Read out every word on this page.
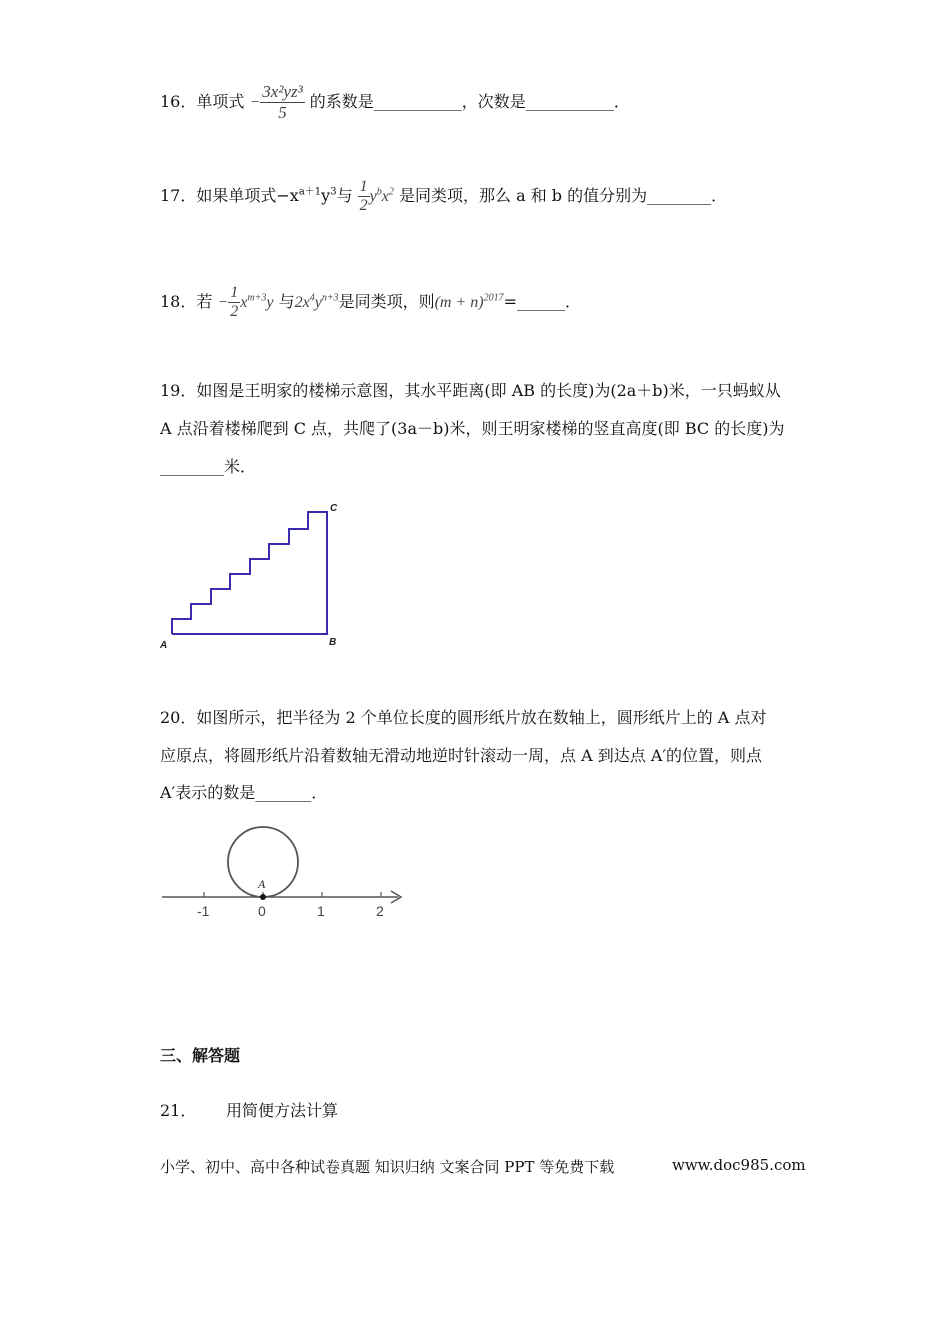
16．单项式 − $\frac{\text{3x²yz³}}{5}$ 的系数是___________，次数是___________．
17．如果单项式$-x^{a+1}y^3$与 $\frac{1}{2} y^bx^2$ 是同类项，那么 a 和 b 的值分别为________．
18．若 − $\frac{1}{2} x^{m+3}y$ 与$2x^4y^{n+3}$是同类项，则$(m + n)^{2017}=\_\_\_\_\_\_$．
19．如图是王明家的楼梯示意图，其水平距离(即 AB 的长度)为(2a＋b)米，一只蚂蚁从
A 点沿着楼梯爬到 C 点，共爬了(3a－b)米，则王明家楼梯的竖直高度(即 BC 的长度)为
________米．
A	B
C
20．如图所示，把半径为 2 个单位长度的圆形纸片放在数轴上，圆形纸片上的 A 点对
应原点，将圆形纸片沿着数轴无滑动地逆时针滚动一周，点 A 到达点 A′的位置，则点
A′表示的数是_______．
A
-1	0	1	2
三、解答题
21． 用简便方法计算
小学、初中、高中各种试卷真题 知识归纳 文案合同 PPT 等免费下载	www.doc985.com
